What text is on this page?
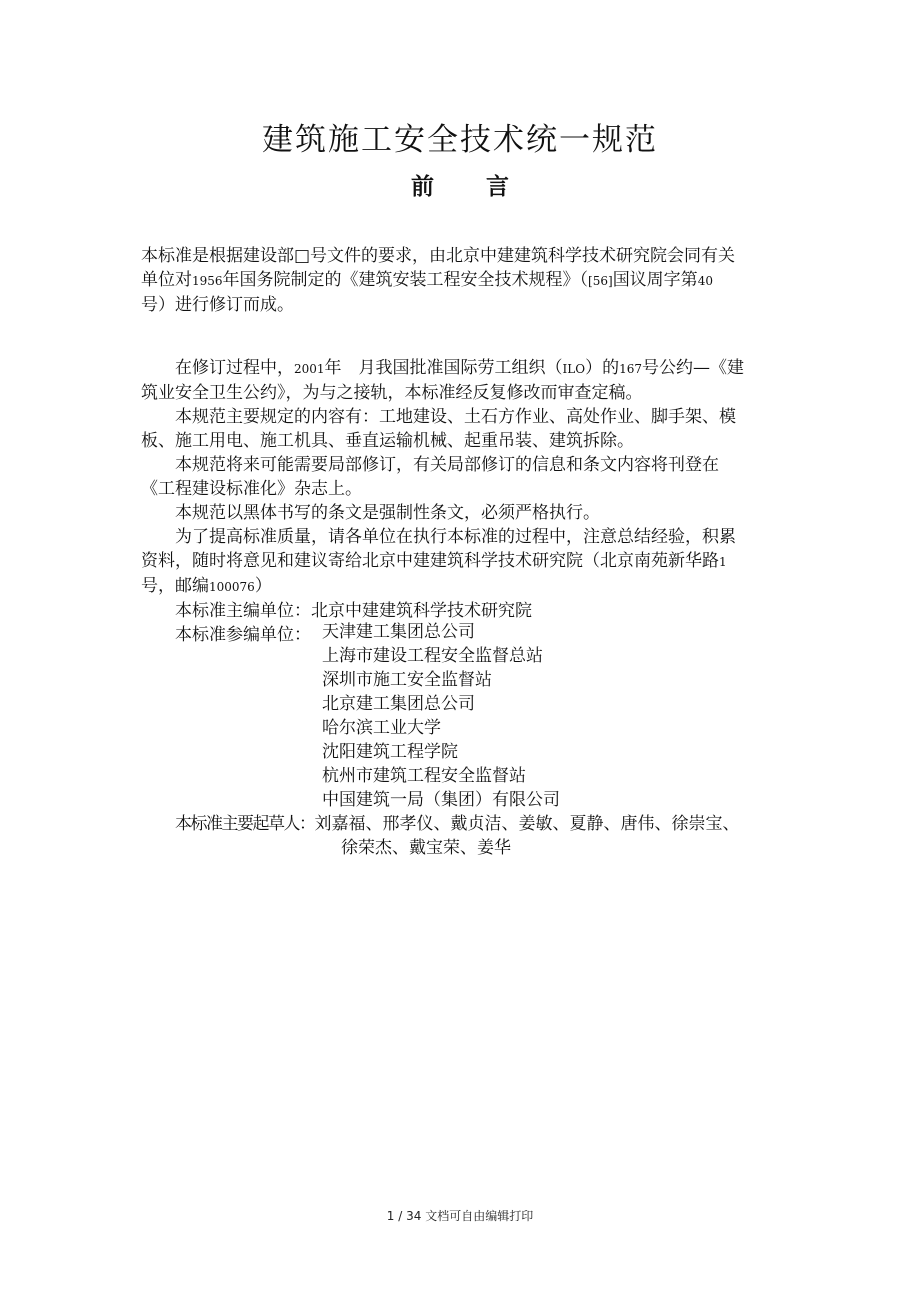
建筑施工安全技术统一规范
前 言
本标准是根据建设部□号文件的要求，由北京中建建筑科学技术研究院会同有关
单位对1956年国务院制定的《建筑安装工程安全技术规程》（[56]国议周字第40
号）进行修订而成。
在修订过程中，2001年　月我国批准国际劳工组织（ILO）的167号公约—《建
筑业安全卫生公约》，为与之接轨，本标准经反复修改而审查定稿。
本规范主要规定的内容有：工地建设、土石方作业、高处作业、脚手架、模
板、施工用电、施工机具、垂直运输机械、起重吊装、建筑拆除。
本规范将来可能需要局部修订，有关局部修订的信息和条文内容将刊登在
《工程建设标准化》杂志上。
本规范以黑体书写的条文是强制性条文，必须严格执行。
为了提高标准质量，请各单位在执行本标准的过程中，注意总结经验，积累
资料，随时将意见和建议寄给北京中建建筑科学技术研究院（北京南苑新华路1
号，邮编100076）
本标准主编单位：北京中建建筑科学技术研究院
本标准参编单位： 天津建工集团总公司
上海市建设工程安全监督总站
深圳市施工安全监督站
北京建工集团总公司
哈尔滨工业大学
沈阳建筑工程学院
杭州市建筑工程安全监督站
中国建筑一局（集团）有限公司
本标准主要起草人：刘嘉福、邢孝仪、戴贞洁、姜敏、夏静、唐伟、徐崇宝、
徐荣杰、戴宝荣、姜华
1 / 34 文档可自由编辑打印
